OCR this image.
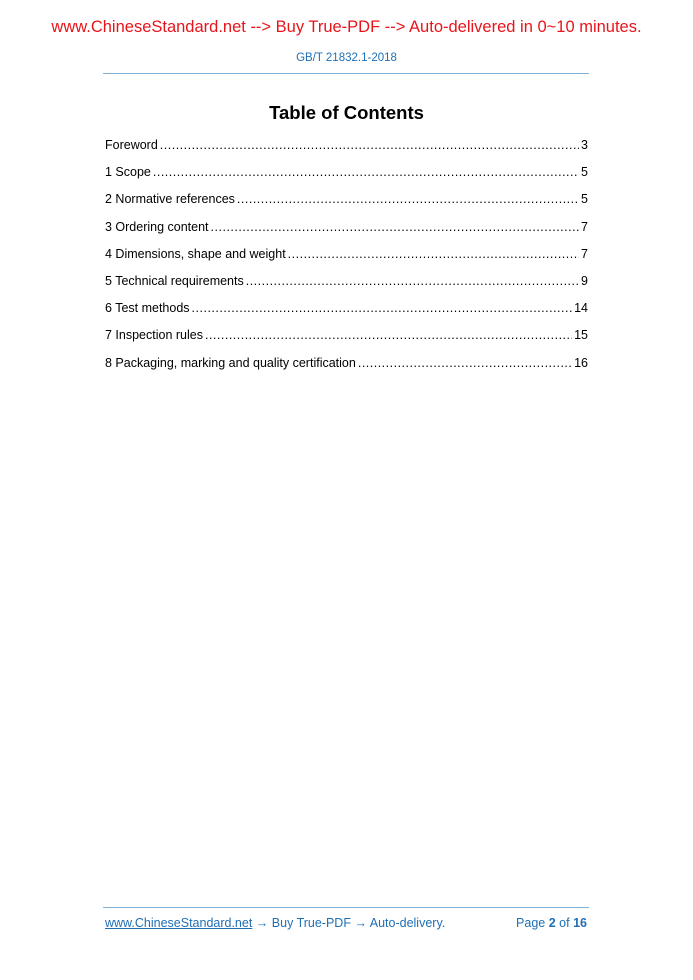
www.ChineseStandard.net --> Buy True-PDF --> Auto-delivered in 0~10 minutes.
GB/T 21832.1-2018
Table of Contents
Foreword .....	3
1 Scope .....	5
2 Normative references .....	5
3 Ordering content .....	7
4 Dimensions, shape and weight .....	7
5 Technical requirements .....	9
6 Test methods .....	14
7 Inspection rules .....	15
8 Packaging, marking and quality certification .....	16
www.ChineseStandard.net → Buy True-PDF → Auto-delivery.	Page 2 of 16
